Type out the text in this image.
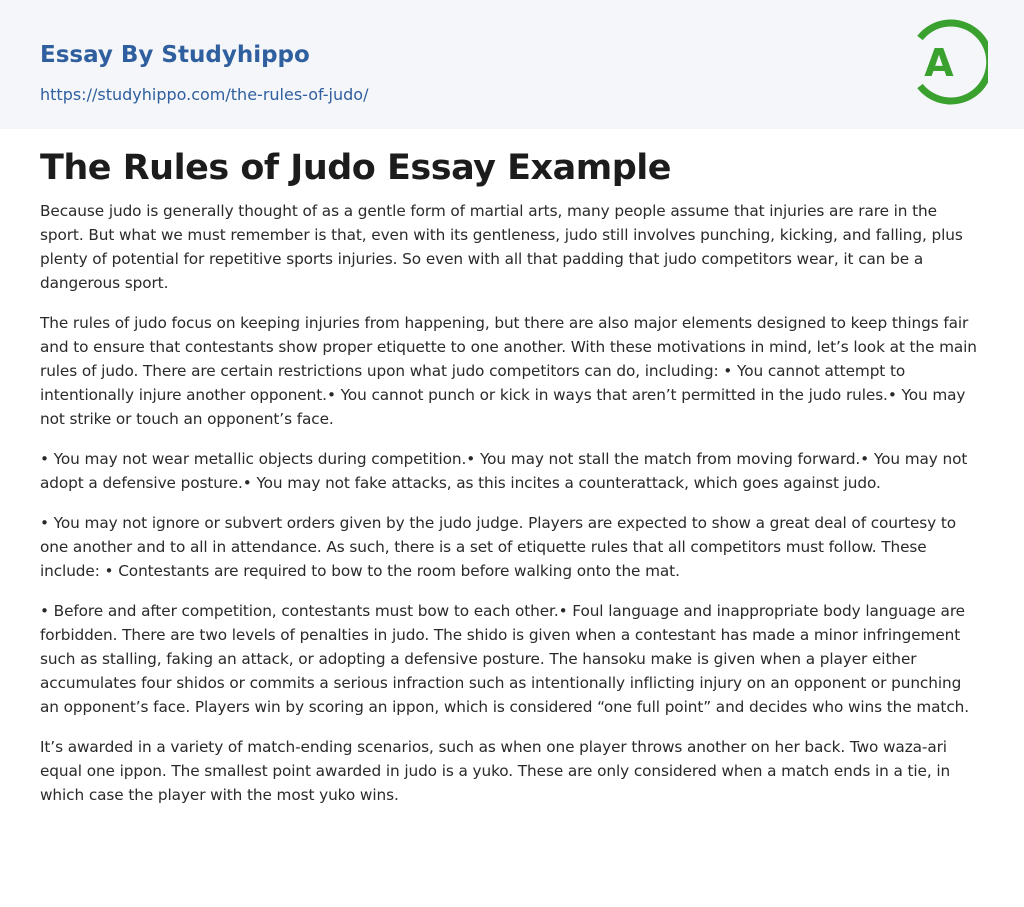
Essay By Studyhippo
https://studyhippo.com/the-rules-of-judo/
A
The Rules of Judo Essay Example

Because judo is generally thought of as a gentle form of martial arts, many people assume that injuries are rare in the sport. But what we must remember is that, even with its gentleness, judo still involves punching, kicking, and falling, plus plenty of potential for repetitive sports injuries. So even with all that padding that judo competitors wear, it can be a dangerous sport.

The rules of judo focus on keeping injuries from happening, but there are also major elements designed to keep things fair and to ensure that contestants show proper etiquette to one another. With these motivations in mind, let’s look at the main rules of judo. There are certain restrictions upon what judo competitors can do, including: • You cannot attempt to intentionally injure another opponent.• You cannot punch or kick in ways that aren’t permitted in the judo rules.• You may not strike or touch an opponent’s face.

• You may not wear metallic objects during competition.• You may not stall the match from moving forward.• You may not adopt a defensive posture.• You may not fake attacks, as this incites a counterattack, which goes against judo.

• You may not ignore or subvert orders given by the judo judge. Players are expected to show a great deal of courtesy to one another and to all in attendance. As such, there is a set of etiquette rules that all competitors must follow. These include: • Contestants are required to bow to the room before walking onto the mat.

• Before and after competition, contestants must bow to each other.• Foul language and inappropriate body language are forbidden. There are two levels of penalties in judo. The shido is given when a contestant has made a minor infringement such as stalling, faking an attack, or adopting a defensive posture. The hansoku make is given when a player either accumulates four shidos or commits a serious infraction such as intentionally inflicting injury on an opponent or punching an opponent’s face. Players win by scoring an ippon, which is considered “one full point” and decides who wins the match.

It’s awarded in a variety of match-ending scenarios, such as when one player throws another on her back. Two waza-ari equal one ippon. The smallest point awarded in judo is a yuko. These are only considered when a match ends in a tie, in which case the player with the most yuko wins.
